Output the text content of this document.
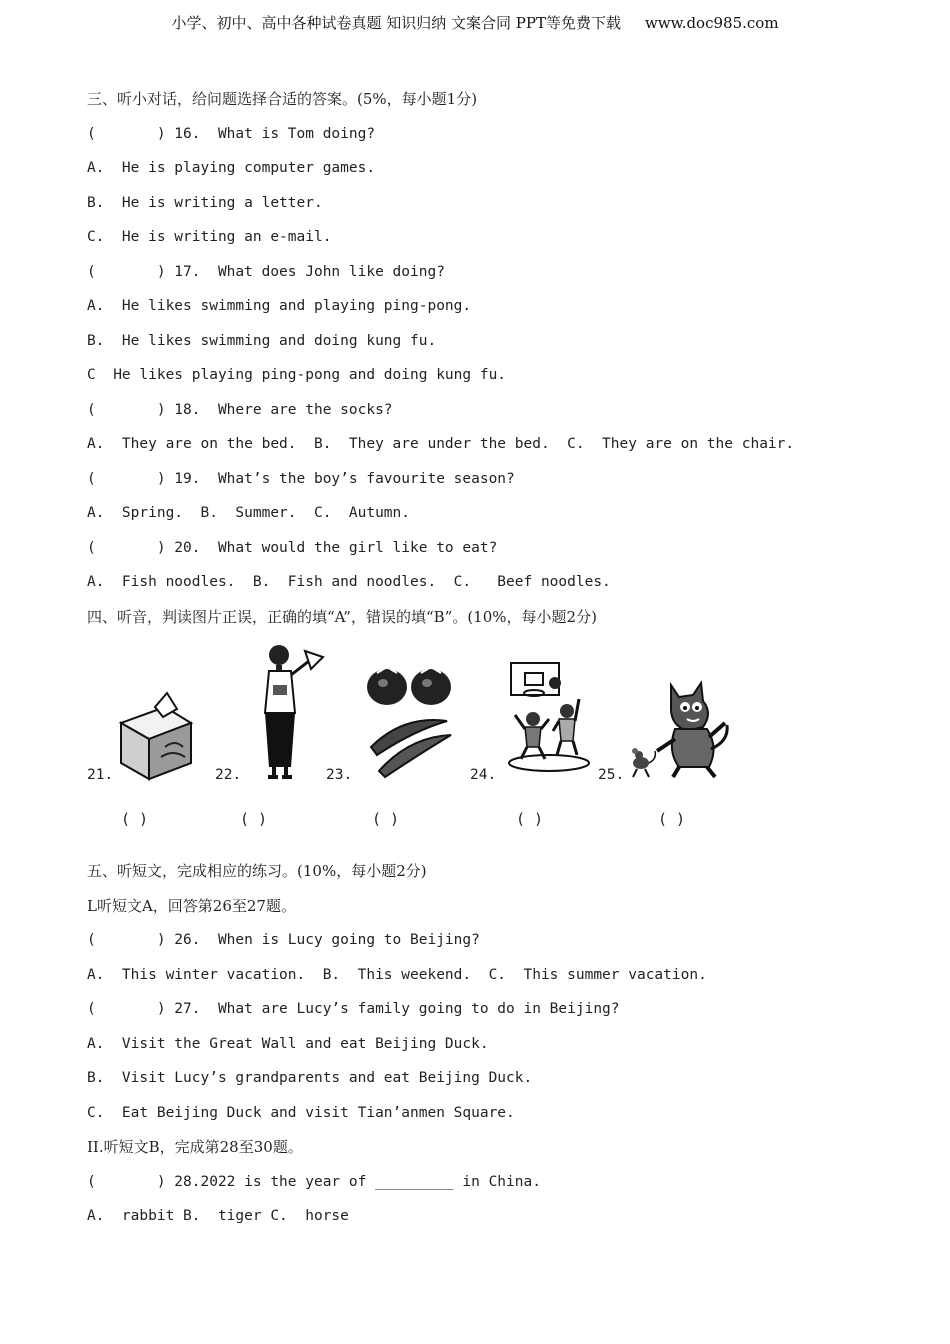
小学、初中、高中各种试卷真题 知识归纳 文案合同 PPT等免费下载 www.doc985.com
三、听小对话，给问题选择合适的答案。(5%，每小题1分)
(       ) 16.  What is Tom doing?
A.  He is playing computer games.
B.  He is writing a letter.
C.  He is writing an e-mail.
(       ) 17.  What does John like doing?
A.  He likes swimming and playing ping-pong.
B.  He likes swimming and doing kung fu.
C  He likes playing ping-pong and doing kung fu.
(       ) 18.  Where are the socks?
A.  They are on the bed.  B.  They are under the bed.  C.  They are on the chair.
(       ) 19.  What’s the boy’s favourite season?
A.  Spring.  B.  Summer.  C.  Autumn.
(       ) 20.  What would the girl like to eat?
A.  Fish noodles.  B.  Fish and noodles.  C.   Beef noodles.
四、听音，判读图片正误，正确的填“A”，错误的填“B”。(10%，每小题2分)
21.	22.	23.	24.	25.
( )	( )	( )	( )	( )
五、听短文，完成相应的练习。(10%，每小题2分)
L听短文A，回答第26至27题。
(       ) 26.  When is Lucy going to Beijing?
A.  This winter vacation.  B.  This weekend.  C.  This summer vacation.
(       ) 27.  What are Lucy’s family going to do in Beijing?
A.  Visit the Great Wall and eat Beijing Duck.
B.  Visit Lucy’s grandparents and eat Beijing Duck.
C.  Eat Beijing Duck and visit Tian’anmen Square.
II.听短文B，完成第28至30题。
(       ) 28.2022 is the year of _________ in China.
A.  rabbit B.  tiger C.  horse
